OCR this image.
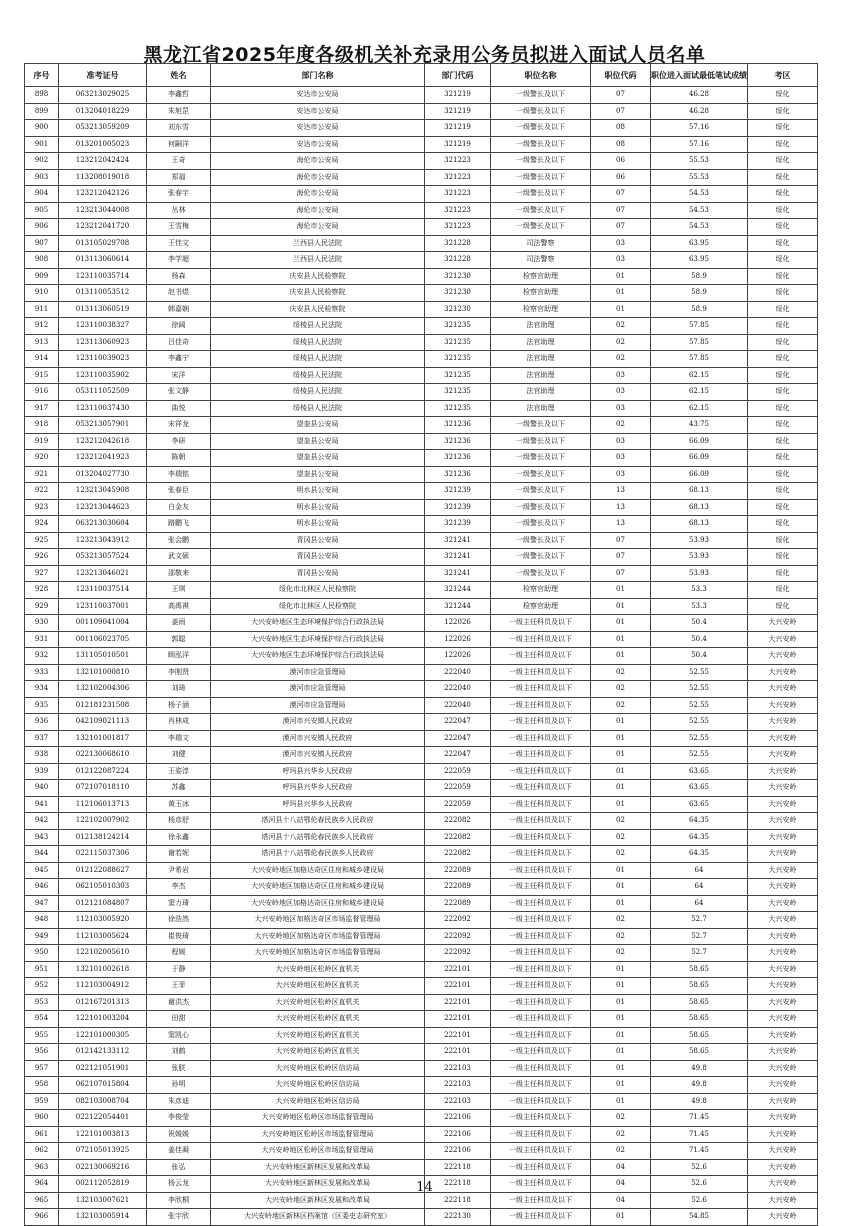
黑龙江省2025年度各级机关补充录用公务员拟进入面试人员名单
序号	准考证号	姓名	部门名称	部门代码	职位名称	职位代码	职位进入面试最低笔试成绩	考区
898	063213029025	李鑫哲	安达市公安局	321219	一级警长及以下	07	46.28	绥化
899	013204018229	朱旭罡	安达市公安局	321219	一级警长及以下	07	46.28	绥化
900	053213059209	刘东雪	安达市公安局	321219	一级警长及以下	08	57.16	绥化
901	013201005023	何嗣洋	安达市公安局	321219	一级警长及以下	08	57.16	绥化
902	123212042424	王奇	海伦市公安局	321223	一级警长及以下	06	55.53	绥化
903	113208019018	郑福	海伦市公安局	321223	一级警长及以下	06	55.53	绥化
904	123212042126	张春宇	海伦市公安局	321223	一级警长及以下	07	54.53	绥化
905	123213044008	丛林	海伦市公安局	321223	一级警长及以下	07	54.53	绥化
906	123212041720	王雪梅	海伦市公安局	321223	一级警长及以下	07	54.53	绥化
907	013105029708	王佳文	兰西县人民法院	321228	司法警察	03	63.95	绥化
908	013113060614	李学超	兰西县人民法院	321228	司法警察	03	63.95	绥化
909	123110035714	杨森	庆安县人民检察院	321230	检察官助理	01	58.9	绥化
910	013110053512	赵书煜	庆安县人民检察院	321230	检察官助理	01	58.9	绥化
911	013113060519	韩嘉娴	庆安县人民检察院	321230	检察官助理	01	58.9	绥化
912	123110038327	徐阔	绥棱县人民法院	321235	法官助理	02	57.85	绥化
913	123113060923	吕佳奇	绥棱县人民法院	321235	法官助理	02	57.85	绥化
914	123110039023	李鑫宁	绥棱县人民法院	321235	法官助理	02	57.85	绥化
915	123110035902	宋洋	绥棱县人民法院	321235	法官助理	03	62.15	绥化
916	053111052509	张文静	绥棱县人民法院	321235	法官助理	03	62.15	绥化
917	123110037430	曲悦	绥棱县人民法院	321235	法官助理	03	62.15	绥化
918	053213057901	宋祥龙	望奎县公安局	321236	一级警长及以下	02	43.75	绥化
919	123212042618	李研	望奎县公安局	321236	一级警长及以下	03	66.09	绥化
920	123212041923	陈朝	望奎县公安局	321236	一级警长及以下	03	66.09	绥化
921	013204027730	李瑞铭	望奎县公安局	321236	一级警长及以下	03	66.09	绥化
922	123213045908	张春臣	明水县公安局	321239	一级警长及以下	13	68.13	绥化
923	123213044623	白金友	明水县公安局	321239	一级警长及以下	13	68.13	绥化
924	063213030604	路鹏飞	明水县公安局	321239	一级警长及以下	13	68.13	绥化
925	123213043912	张会鹏	青冈县公安局	321241	一级警长及以下	07	53.93	绥化
926	053213057524	武文硕	青冈县公安局	321241	一级警长及以下	07	53.93	绥化
927	123213046021	邵敬来	青冈县公安局	321241	一级警长及以下	07	53.93	绥化
928	123110037514	王琪	绥化市北林区人民检察院	321244	检察官助理	01	53.3	绥化
929	123110037001	高禹祺	绥化市北林区人民检察院	321244	检察官助理	01	53.3	绥化
930	001109041004	姜雨	大兴安岭地区生态环境保护综合行政执法局	122026	一级主任科员及以下	01	50.4	大兴安岭
931	001106023705	郭聪	大兴安岭地区生态环境保护综合行政执法局	122026	一级主任科员及以下	01	50.4	大兴安岭
932	131105010501	顾泓洋	大兴安岭地区生态环境保护综合行政执法局	122026	一级主任科员及以下	01	50.4	大兴安岭
933	132101000810	李刚贤	漠河市应急管理局	222040	一级主任科员及以下	02	52.55	大兴安岭
934	132102004306	刘琦	漠河市应急管理局	222040	一级主任科员及以下	02	52.55	大兴安岭
935	012181231508	杨子涵	漠河市应急管理局	222040	一级主任科员及以下	02	52.55	大兴安岭
936	042109021113	肖林成	漠河市兴安镇人民政府	222047	一级主任科员及以下	01	52.55	大兴安岭
937	132101001817	李瑞文	漠河市兴安镇人民政府	222047	一级主任科员及以下	01	52.55	大兴安岭
938	022130068610	刘健	漠河市兴安镇人民政府	222047	一级主任科员及以下	01	52.55	大兴安岭
939	012122087224	王姿淳	呼玛县兴华乡人民政府	222059	一级主任科员及以下	01	63.65	大兴安岭
940	072107018110	苏鑫	呼玛县兴华乡人民政府	222059	一级主任科员及以下	01	63.65	大兴安岭
941	112106013713	黄玉冰	呼玛县兴华乡人民政府	222059	一级主任科员及以下	01	63.65	大兴安岭
942	122102007902	杨彦舒	塔河县十八站鄂伦春民族乡人民政府	222082	一级主任科员及以下	02	64.35	大兴安岭
943	012138124214	徐永鑫	塔河县十八站鄂伦春民族乡人民政府	222082	一级主任科员及以下	02	64.35	大兴安岭
944	022115037306	谢若妮	塔河县十八站鄂伦春民族乡人民政府	222082	一级主任科员及以下	02	64.35	大兴安岭
945	012122088627	尹希岩	大兴安岭地区加格达奇区住房和城乡建设局	222089	一级主任科员及以下	01	64	大兴安岭
946	062105010303	李杰	大兴安岭地区加格达奇区住房和城乡建设局	222089	一级主任科员及以下	01	64	大兴安岭
947	012121084807	窦力琦	大兴安岭地区加格达奇区住房和城乡建设局	222089	一级主任科员及以下	01	64	大兴安岭
948	112103005920	徐浩然	大兴安岭地区加格达奇区市场监督管理局	222092	一级主任科员及以下	02	52.7	大兴安岭
949	112103005624	崔俊琦	大兴安岭地区加格达奇区市场监督管理局	222092	一级主任科员及以下	02	52.7	大兴安岭
950	122102005610	程媛	大兴安岭地区加格达奇区市场监督管理局	222092	一级主任科员及以下	02	52.7	大兴安岭
951	132101002618	于静	大兴安岭地区松岭区直机关	222101	一级主任科员及以下	01	58.65	大兴安岭
952	112103004912	王菲	大兴安岭地区松岭区直机关	222101	一级主任科员及以下	01	58.65	大兴安岭
953	012167201313	谢洪杰	大兴安岭地区松岭区直机关	222101	一级主任科员及以下	01	58.65	大兴安岭
954	122101003204	田甜	大兴安岭地区松岭区直机关	222101	一级主任科员及以下	01	58.65	大兴安岭
955	122101000305	窦凯心	大兴安岭地区松岭区直机关	222101	一级主任科员及以下	01	58.65	大兴安岭
956	012142133112	刘鹤	大兴安岭地区松岭区直机关	222101	一级主任科员及以下	01	58.65	大兴安岭
957	022121051901	张朕	大兴安岭地区松岭区信访局	222103	一级主任科员及以下	01	49.8	大兴安岭
958	062107015804	孙明	大兴安岭地区松岭区信访局	222103	一级主任科员及以下	01	49.8	大兴安岭
959	082103008704	朱彦迪	大兴安岭地区松岭区信访局	222103	一级主任科员及以下	01	49.8	大兴安岭
960	022122054401	李俊莹	大兴安岭地区松岭区市场监督管理局	222106	一级主任科员及以下	02	71.45	大兴安岭
961	122101003813	祝媛媛	大兴安岭地区松岭区市场监督管理局	222106	一级主任科员及以下	02	71.45	大兴安岭
962	072105013925	姜佳凝	大兴安岭地区松岭区市场监督管理局	222106	一级主任科员及以下	02	71.45	大兴安岭
963	022130069216	张弘	大兴安岭地区新林区发展和改革局	222118	一级主任科员及以下	04	52.6	大兴安岭
964	002112052819	杨云龙	大兴安岭地区新林区发展和改革局	222118	一级主任科员及以下	04	52.6	大兴安岭
965	132103007621	李欣桐	大兴安岭地区新林区发展和改革局	222118	一级主任科员及以下	04	52.6	大兴安岭
966	132103005914	张宇欣	大兴安岭地区新林区档案馆（区委史志研究室）	222130	一级主任科员及以下	01	54.85	大兴安岭
14
